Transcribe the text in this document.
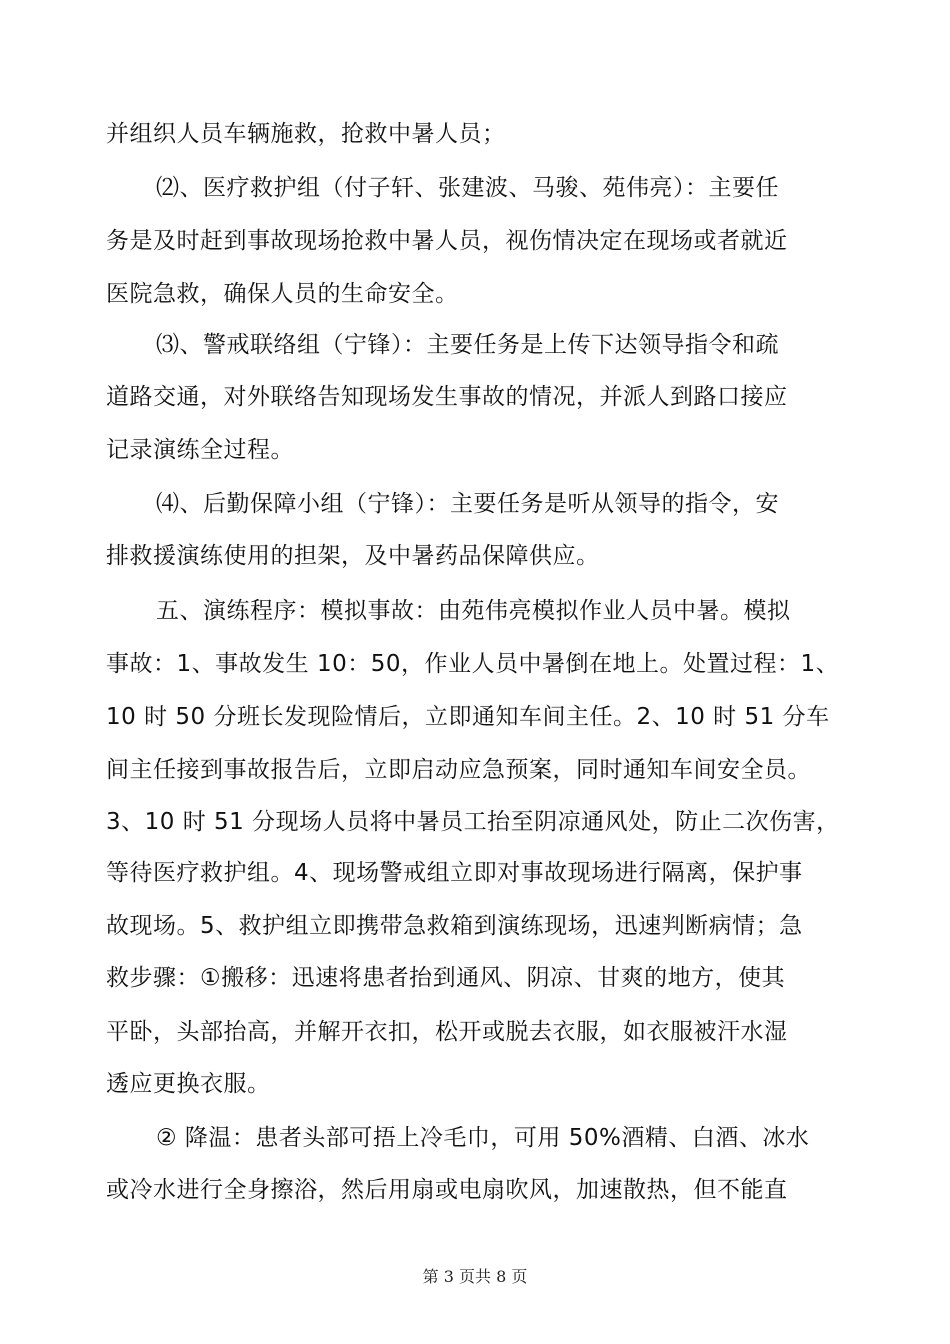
并组织人员车辆施救，抢救中暑人员；
⑵、医疗救护组（付子轩、张建波、马骏、苑伟亮）：主要任
务是及时赶到事故现场抢救中暑人员，视伤情决定在现场或者就近
医院急救，确保人员的生命安全。
⑶、警戒联络组（宁锋）：主要任务是上传下达领导指令和疏
道路交通，对外联络告知现场发生事故的情况，并派人到路口接应
记录演练全过程。
⑷、后勤保障小组（宁锋）：主要任务是听从领导的指令，安
排救援演练使用的担架，及中暑药品保障供应。
五、演练程序：模拟事故：由苑伟亮模拟作业人员中暑。模拟
事故：1、事故发生 10：50，作业人员中暑倒在地上。处置过程：1、
10 时 50 分班长发现险情后，立即通知车间主任。2、10 时 51 分车
间主任接到事故报告后，立即启动应急预案，同时通知车间安全员。
3、10 时 51 分现场人员将中暑员工抬至阴凉通风处，防止二次伤害，
等待医疗救护组。4、现场警戒组立即对事故现场进行隔离，保护事
故现场。5、救护组立即携带急救箱到演练现场，迅速判断病情；急
救步骤：①搬移：迅速将患者抬到通风、阴凉、甘爽的地方，使其
平卧，头部抬高，并解开衣扣，松开或脱去衣服，如衣服被汗水湿
透应更换衣服。
② 降温：患者头部可捂上冷毛巾，可用 50%酒精、白酒、冰水
或冷水进行全身擦浴，然后用扇或电扇吹风，加速散热，但不能直
第 3 页共 8 页
